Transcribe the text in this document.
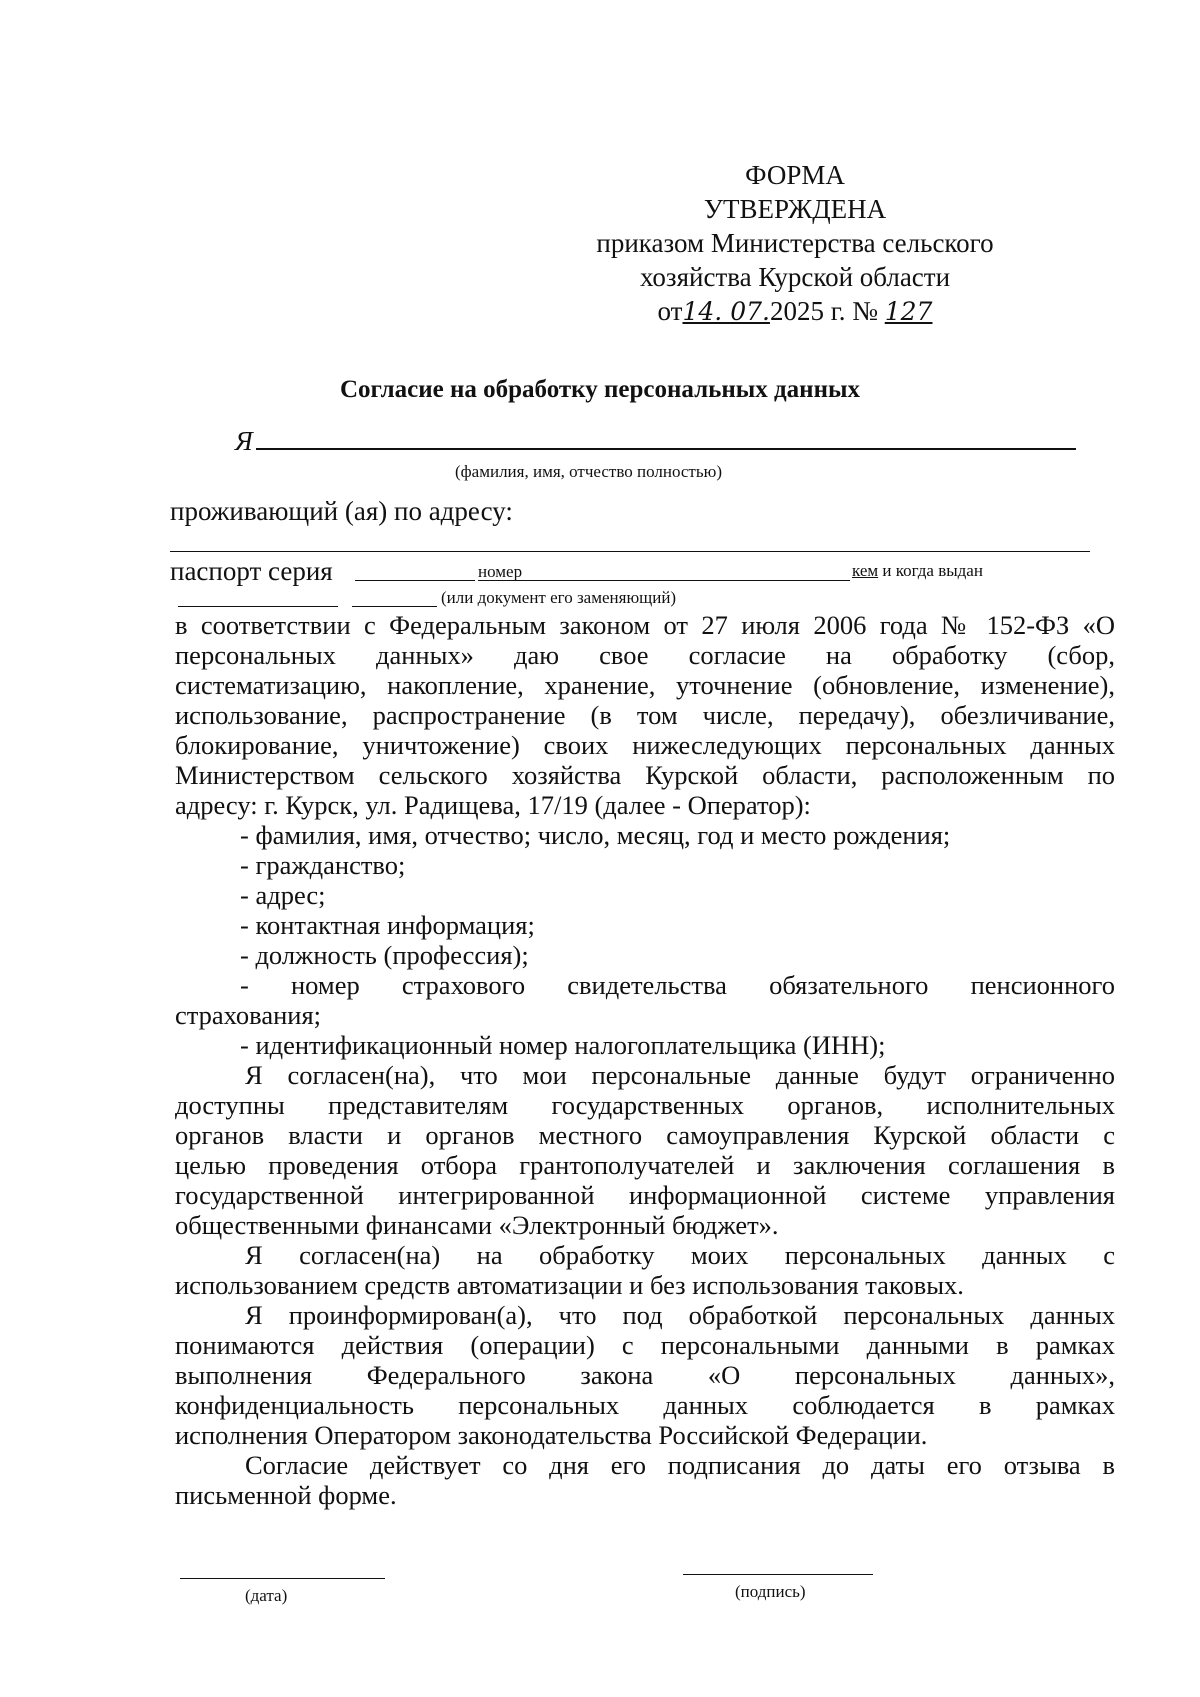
ФОРМА
УТВЕРЖДЕНА
приказом Министерства сельского
хозяйства Курской области
от14. 07.2025 г. № 127
Согласие на обработку персональных данных
Я
(фамилия, имя, отчество полностью)
проживающий (ая) по адресу:
паспорт серия	номер	кем и когда выдан
(или документ его заменяющий)
в соответствии с Федеральным законом от 27 июля 2006 года № 152-ФЗ «О
персональных данных» даю свое согласие на обработку (сбор,
систематизацию, накопление, хранение, уточнение (обновление, изменение),
использование, распространение (в том числе, передачу), обезличивание,
блокирование, уничтожение) своих нижеследующих персональных данных
Министерством сельского хозяйства Курской области, расположенным по
адресу: г. Курск, ул. Радищева, 17/19 (далее - Оператор):
- фамилия, имя, отчество; число, месяц, год и место рождения;
- гражданство;
- адрес;
- контактная информация;
- должность (профессия);
- номер страхового свидетельства обязательного пенсионного
страхования;
- идентификационный номер налогоплательщика (ИНН);
Я согласен(на), что мои персональные данные будут ограниченно
доступны представителям государственных органов, исполнительных
органов власти и органов местного самоуправления Курской области с
целью проведения отбора грантополучателей и заключения соглашения в
государственной интегрированной информационной системе управления
общественными финансами «Электронный бюджет».
Я согласен(на) на обработку моих персональных данных с
использованием средств автоматизации и без использования таковых.
Я проинформирован(а), что под обработкой персональных данных
понимаются действия (операции) с персональными данными в рамках
выполнения Федерального закона «О персональных данных»,
конфиденциальность персональных данных соблюдается в рамках
исполнения Оператором законодательства Российской Федерации.
Согласие действует со дня его подписания до даты его отзыва в
письменной форме.
(дата)	(подпись)
